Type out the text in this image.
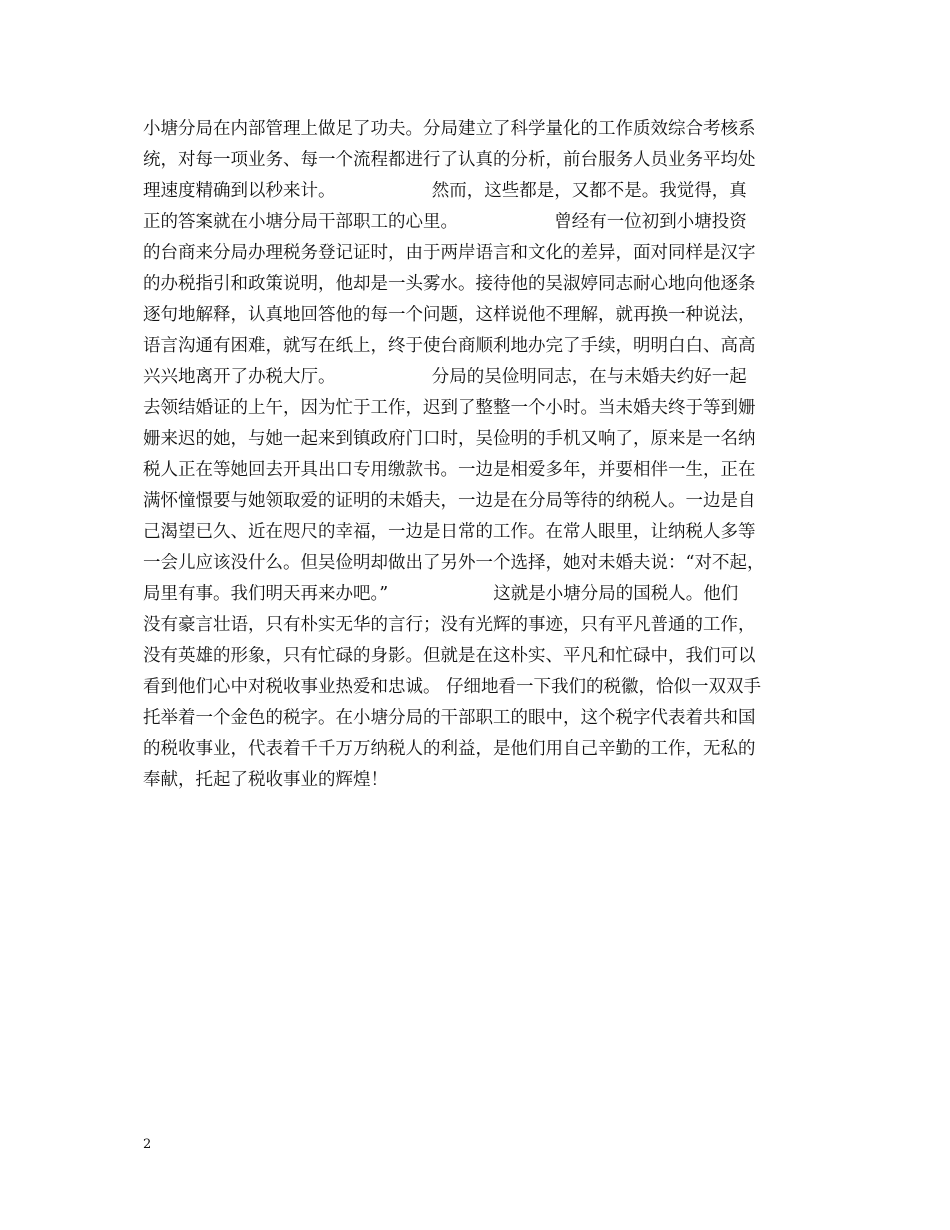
小塘分局在内部管理上做足了功夫。分局建立了科学量化的工作质效综合考核系
统，对每一项业务、每一个流程都进行了认真的分析，前台服务人员业务平均处
理速度精确到以秒来计。　　　　　　然而，这些都是，又都不是。我觉得，真
正的答案就在小塘分局干部职工的心里。　　　　　　曾经有一位初到小塘投资
的台商来分局办理税务登记证时，由于两岸语言和文化的差异，面对同样是汉字
的办税指引和政策说明，他却是一头雾水。接待他的吴淑婷同志耐心地向他逐条
逐句地解释，认真地回答他的每一个问题，这样说他不理解，就再换一种说法，
语言沟通有困难，就写在纸上，终于使台商顺利地办完了手续，明明白白、高高
兴兴地离开了办税大厅。　　　　　　分局的吴俭明同志，在与未婚夫约好一起
去领结婚证的上午，因为忙于工作，迟到了整整一个小时。当未婚夫终于等到姗
姗来迟的她，与她一起来到镇政府门口时，吴俭明的手机又响了，原来是一名纳
税人正在等她回去开具出口专用缴款书。一边是相爱多年，并要相伴一生，正在
满怀憧憬要与她领取爱的证明的未婚夫，一边是在分局等待的纳税人。一边是自
己渴望已久、近在咫尺的幸福，一边是日常的工作。在常人眼里，让纳税人多等
一会儿应该没什么。但吴俭明却做出了另外一个选择，她对未婚夫说：“对不起，
局里有事。我们明天再来办吧。”　　　　　　这就是小塘分局的国税人。他们
没有豪言壮语，只有朴实无华的言行；没有光辉的事迹，只有平凡普通的工作，
没有英雄的形象，只有忙碌的身影。但就是在这朴实、平凡和忙碌中，我们可以
看到他们心中对税收事业热爱和忠诚。 仔细地看一下我们的税徽，恰似一双双手
托举着一个金色的税字。在小塘分局的干部职工的眼中，这个税字代表着共和国
的税收事业，代表着千千万万纳税人的利益，是他们用自己辛勤的工作，无私的
奉献，托起了税收事业的辉煌！
2
